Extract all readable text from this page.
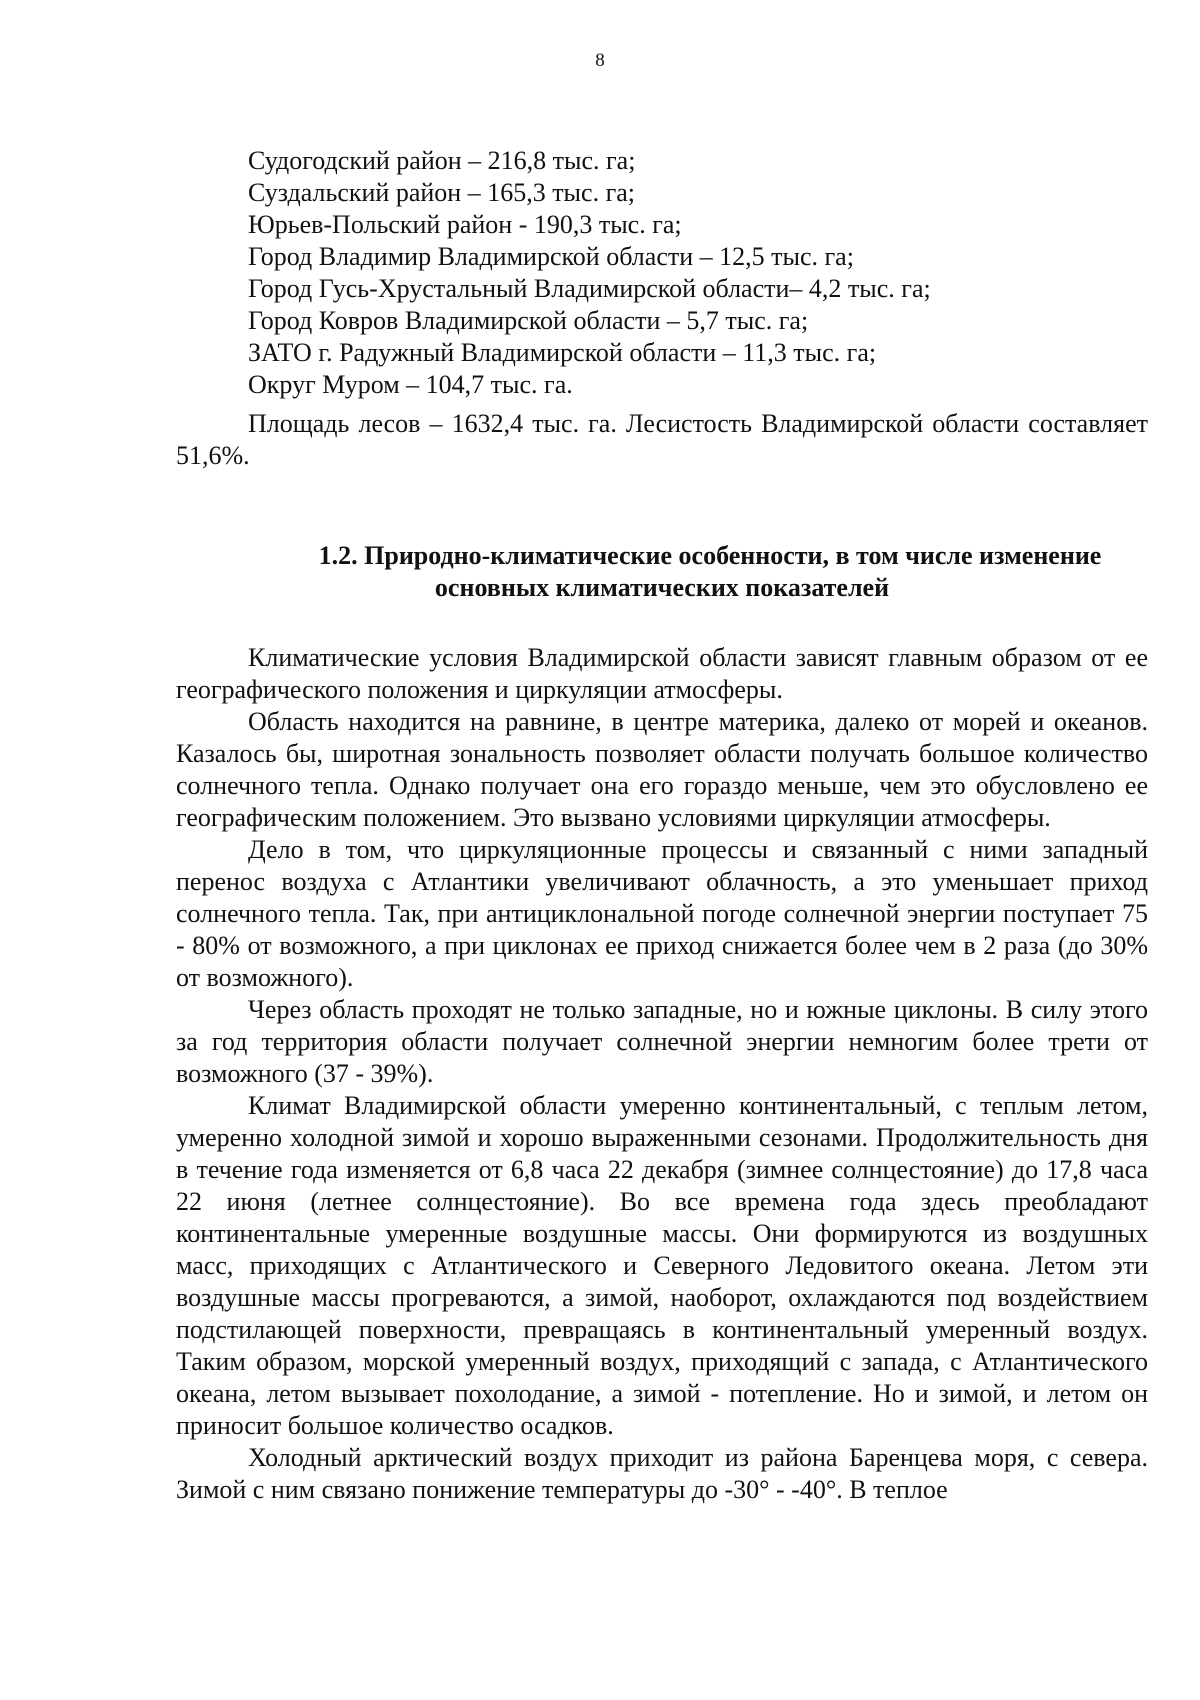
8
Судогодский район – 216,8 тыс. га;
Суздальский район – 165,3 тыс. га;
Юрьев-Польский район - 190,3 тыс. га;
Город Владимир Владимирской области – 12,5 тыс. га;
Город Гусь-Хрустальный Владимирской области– 4,2 тыс. га;
Город Ковров Владимирской области – 5,7 тыс. га;
ЗАТО г. Радужный Владимирской области – 11,3 тыс. га;
Округ Муром – 104,7 тыс. га.

Площадь лесов – 1632,4 тыс. га. Лесистость Владимирской области составляет 51,6%.

1.2. Природно-климатические особенности, в том числе изменение
основных климатических показателей

Климатические условия Владимирской области зависят главным образом от ее географического положения и циркуляции атмосферы.

Область находится на равнине, в центре материка, далеко от морей и океанов. Казалось бы, широтная зональность позволяет области получать большое количество солнечного тепла. Однако получает она его гораздо меньше, чем это обусловлено ее географическим положением. Это вызвано условиями циркуляции атмосферы.

Дело в том, что циркуляционные процессы и связанный с ними западный перенос воздуха с Атлантики увеличивают облачность, а это уменьшает приход солнечного тепла. Так, при антициклональной погоде солнечной энергии поступает 75 - 80% от возможного, а при циклонах ее приход снижается более чем в 2 раза (до 30% от возможного).

Через область проходят не только западные, но и южные циклоны. В силу этого за год территория области получает солнечной энергии немногим более трети от возможного (37 - 39%).

Климат Владимирской области умеренно континентальный, с теплым летом, умеренно холодной зимой и хорошо выраженными сезонами. Продолжительность дня в течение года изменяется от 6,8 часа 22 декабря (зимнее солнцестояние) до 17,8 часа 22 июня (летнее солнцестояние). Во все времена года здесь преобладают континентальные умеренные воздушные массы. Они формируются из воздушных масс, приходящих с Атлантического и Северного Ледовитого океана. Летом эти воздушные массы прогреваются, а зимой, наоборот, охлаждаются под воздействием подстилающей поверхности, превращаясь в континентальный умеренный воздух. Таким образом, морской умеренный воздух, приходящий с запада, с Атлантического океана, летом вызывает похолодание, а зимой - потепление. Но и зимой, и летом он приносит большое количество осадков.

Холодный арктический воздух приходит из района Баренцева моря, с севера. Зимой с ним связано понижение температуры до -30° - -40°. В теплое
